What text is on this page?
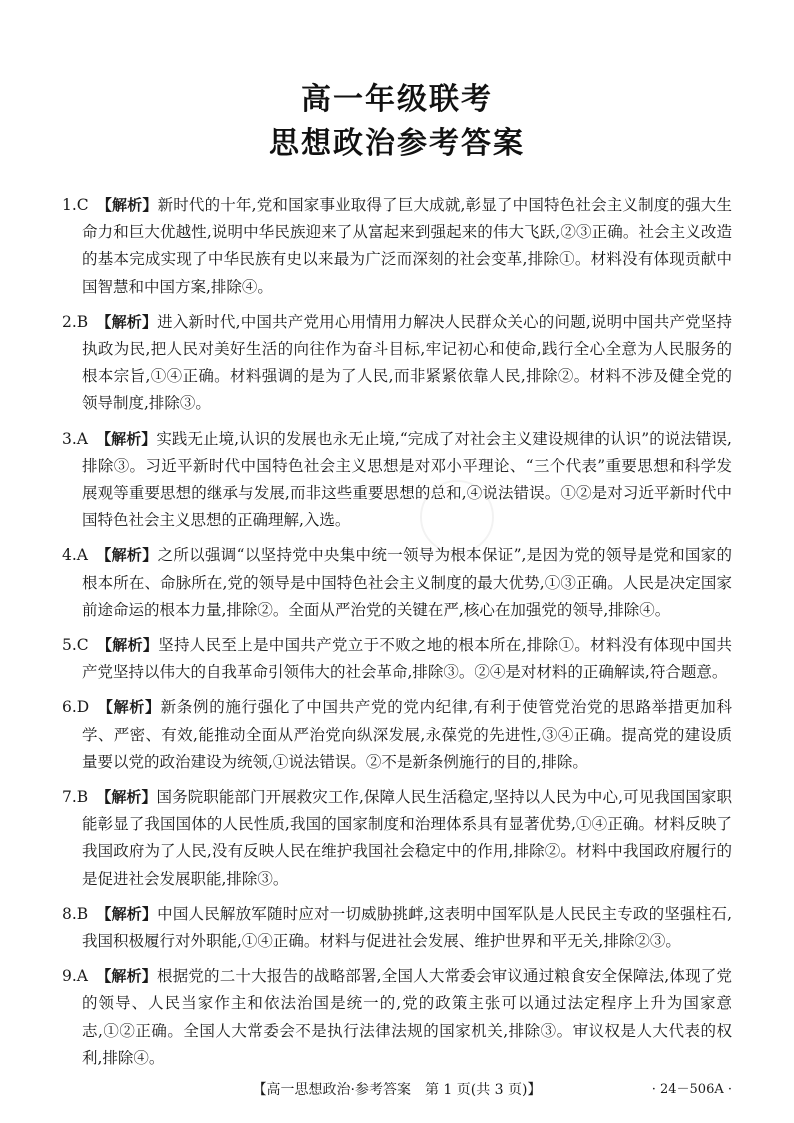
高一年级联考
思想政治参考答案
1.C 【解析】新时代的十年,党和国家事业取得了巨大成就,彰显了中国特色社会主义制度的强大生命力和巨大优越性,说明中华民族迎来了从富起来到强起来的伟大飞跃,②③正确。社会主义改造的基本完成实现了中华民族有史以来最为广泛而深刻的社会变革,排除①。材料没有体现贡献中国智慧和中国方案,排除④。
2.B 【解析】进入新时代,中国共产党用心用情用力解决人民群众关心的问题,说明中国共产党坚持执政为民,把人民对美好生活的向往作为奋斗目标,牢记初心和使命,践行全心全意为人民服务的根本宗旨,①④正确。材料强调的是为了人民,而非紧紧依靠人民,排除②。材料不涉及健全党的领导制度,排除③。
3.A 【解析】实践无止境,认识的发展也永无止境,“完成了对社会主义建设规律的认识”的说法错误,排除③。习近平新时代中国特色社会主义思想是对邓小平理论、“三个代表”重要思想和科学发展观等重要思想的继承与发展,而非这些重要思想的总和,④说法错误。①②是对习近平新时代中国特色社会主义思想的正确理解,入选。
4.A 【解析】之所以强调“以坚持党中央集中统一领导为根本保证”,是因为党的领导是党和国家的根本所在、命脉所在,党的领导是中国特色社会主义制度的最大优势,①③正确。人民是决定国家前途命运的根本力量,排除②。全面从严治党的关键在严,核心在加强党的领导,排除④。
5.C 【解析】坚持人民至上是中国共产党立于不败之地的根本所在,排除①。材料没有体现中国共产党坚持以伟大的自我革命引领伟大的社会革命,排除③。②④是对材料的正确解读,符合题意。
6.D 【解析】新条例的施行强化了中国共产党的党内纪律,有利于使管党治党的思路举措更加科学、严密、有效,能推动全面从严治党向纵深发展,永葆党的先进性,③④正确。提高党的建设质量要以党的政治建设为统领,①说法错误。②不是新条例施行的目的,排除。
7.B 【解析】国务院职能部门开展救灾工作,保障人民生活稳定,坚持以人民为中心,可见我国国家职能彰显了我国国体的人民性质,我国的国家制度和治理体系具有显著优势,①④正确。材料反映了我国政府为了人民,没有反映人民在维护我国社会稳定中的作用,排除②。材料中我国政府履行的是促进社会发展职能,排除③。
8.B 【解析】中国人民解放军随时应对一切威胁挑衅,这表明中国军队是人民民主专政的坚强柱石,我国积极履行对外职能,①④正确。材料与促进社会发展、维护世界和平无关,排除②③。
9.A 【解析】根据党的二十大报告的战略部署,全国人大常委会审议通过粮食安全保障法,体现了党的领导、人民当家作主和依法治国是统一的,党的政策主张可以通过法定程序上升为国家意志,①②正确。全国人大常委会不是执行法律法规的国家机关,排除③。审议权是人大代表的权利,排除④。
【高一思想政治·参考答案　第 1 页(共 3 页)】	· 24－506A ·
